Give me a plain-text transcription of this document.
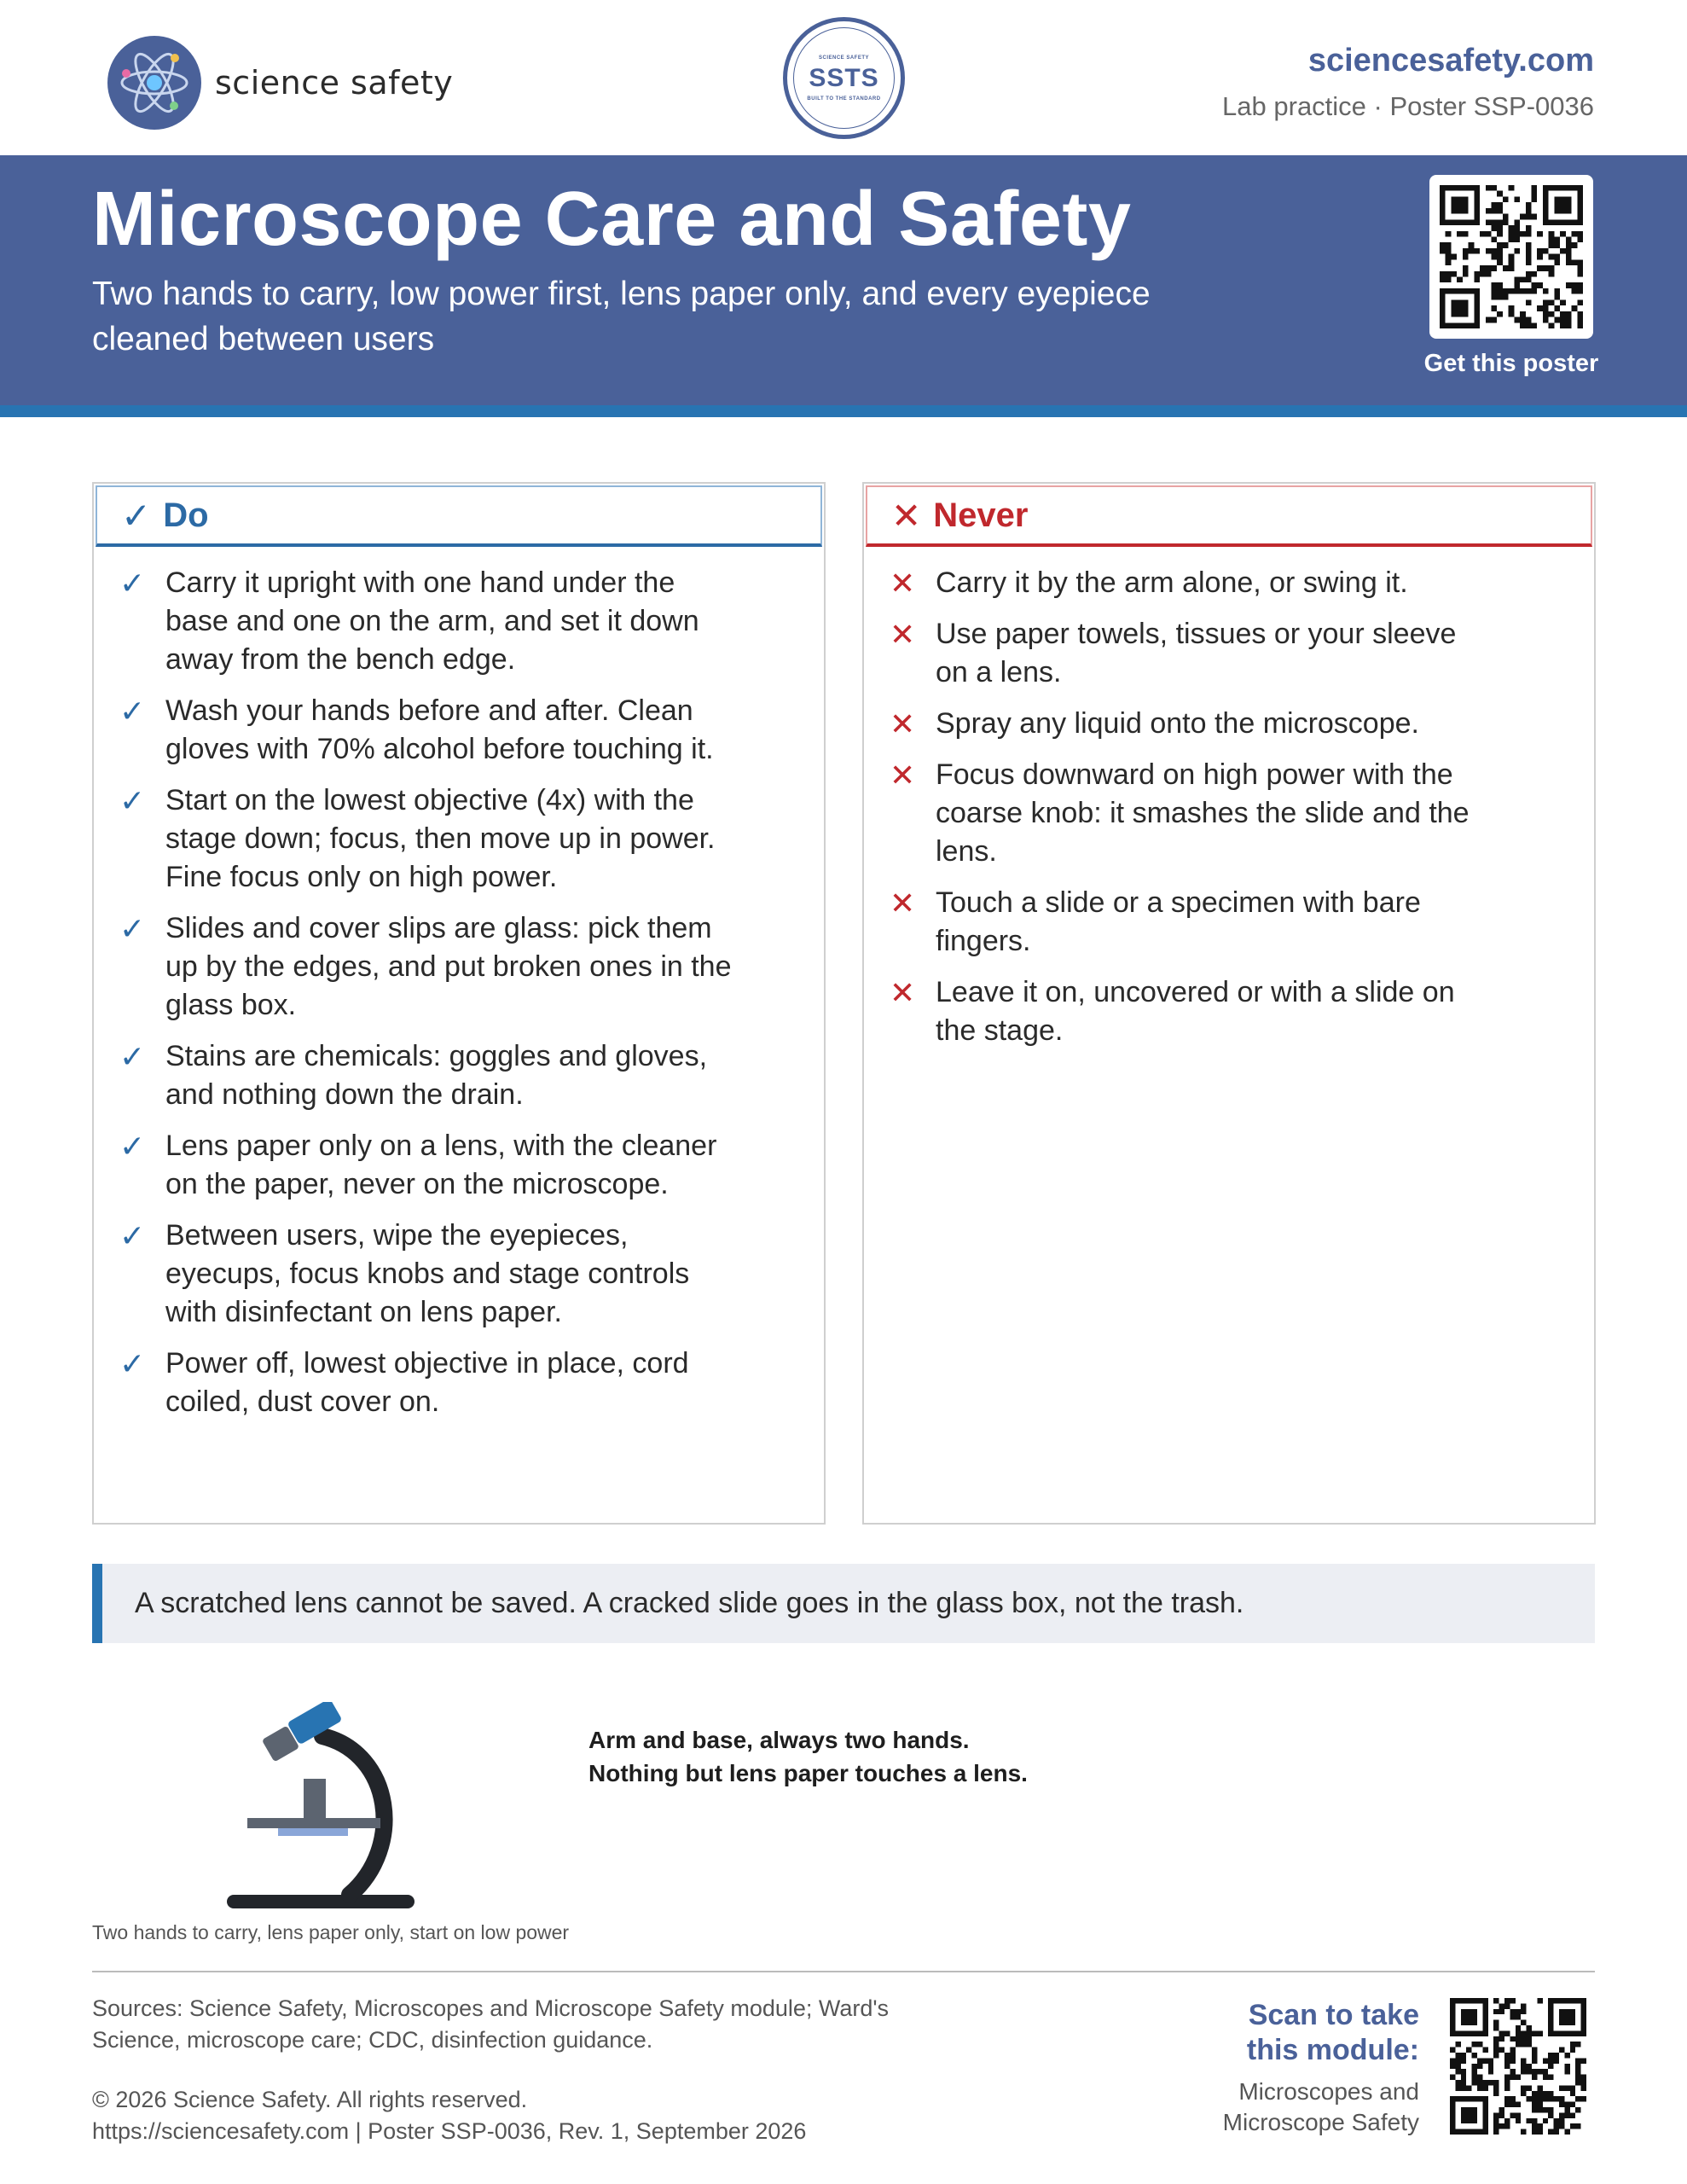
science safety
SCIENCE SAFETY
SSTS
BUILT TO THE STANDARD
sciencesafety.com
Lab practice · Poster SSP-0036
Microscope Care and Safety

Two hands to carry, low power first, lens paper only, and every eyepiece cleaned between users

Get this poster
✓ Do
✓ Carry it upright with one hand under the base and one on the arm, and set it down away from the bench edge.
✓ Wash your hands before and after. Clean gloves with 70% alcohol before touching it.
✓ Start on the lowest objective (4x) with the stage down; focus, then move up in power. Fine focus only on high power.
✓ Slides and cover slips are glass: pick them up by the edges, and put broken ones in the glass box.
✓ Stains are chemicals: goggles and gloves, and nothing down the drain.
✓ Lens paper only on a lens, with the cleaner on the paper, never on the microscope.
✓ Between users, wipe the eyepieces, eyecups, focus knobs and stage controls with disinfectant on lens paper.
✓ Power off, lowest objective in place, cord coiled, dust cover on.
✕ Never
✕ Carry it by the arm alone, or swing it.
✕ Use paper towels, tissues or your sleeve on a lens.
✕ Spray any liquid onto the microscope.
✕ Focus downward on high power with the coarse knob: it smashes the slide and the lens.
✕ Touch a slide or a specimen with bare fingers.
✕ Leave it on, uncovered or with a slide on the stage.
A scratched lens cannot be saved. A cracked slide goes in the glass box, not the trash.
Two hands to carry, lens paper only, start on low power
Arm and base, always two hands.
Nothing but lens paper touches a lens.
Sources: Science Safety, Microscopes and Microscope Safety module; Ward's
Science, microscope care; CDC, disinfection guidance.
© 2026 Science Safety. All rights reserved.
https://sciencesafety.com | Poster SSP-0036, Rev. 1, September 2026
Scan to take
this module:
Microscopes and
Microscope Safety
